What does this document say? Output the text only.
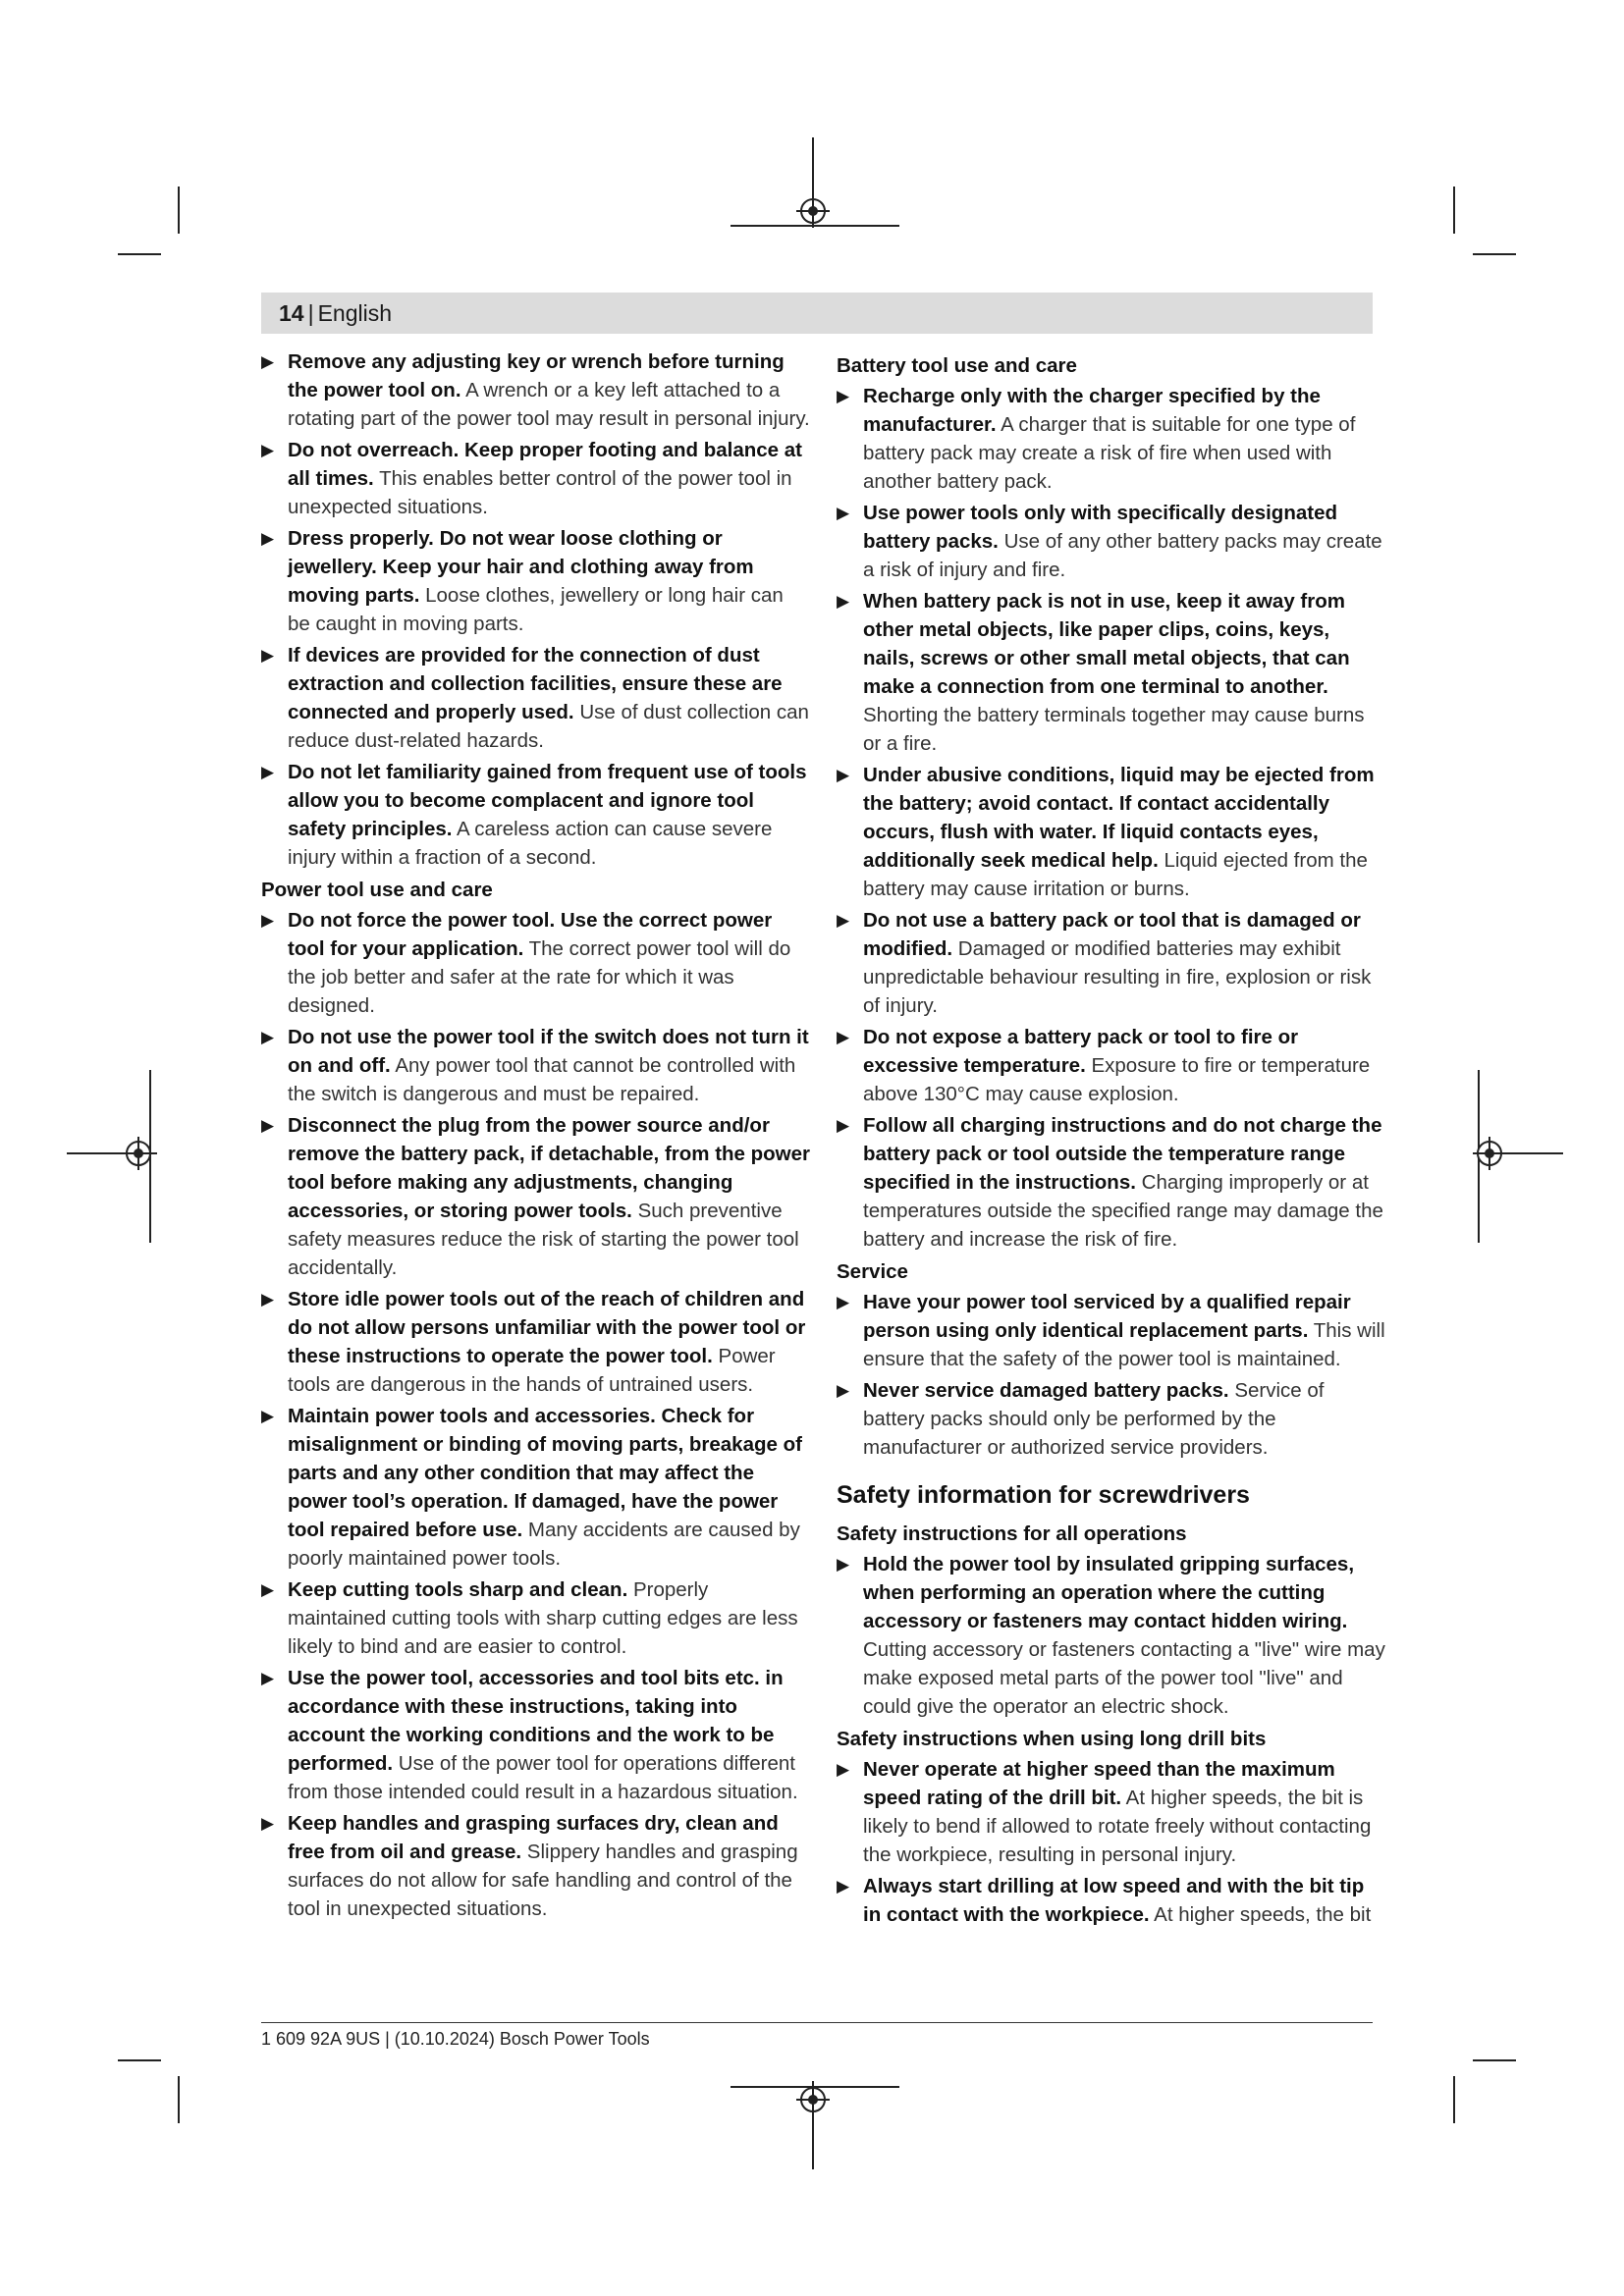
14 | English
▶ Remove any adjusting key or wrench before turning the power tool on. A wrench or a key left attached to a rotating part of the power tool may result in personal injury.
▶ Do not overreach. Keep proper footing and balance at all times. This enables better control of the power tool in unexpected situations.
▶ Dress properly. Do not wear loose clothing or jewellery. Keep your hair and clothing away from moving parts. Loose clothes, jewellery or long hair can be caught in moving parts.
▶ If devices are provided for the connection of dust extraction and collection facilities, ensure these are connected and properly used. Use of dust collection can reduce dust-related hazards.
▶ Do not let familiarity gained from frequent use of tools allow you to become complacent and ignore tool safety principles. A careless action can cause severe injury within a fraction of a second.
Power tool use and care
▶ Do not force the power tool. Use the correct power tool for your application. The correct power tool will do the job better and safer at the rate for which it was designed.
▶ Do not use the power tool if the switch does not turn it on and off. Any power tool that cannot be controlled with the switch is dangerous and must be repaired.
▶ Disconnect the plug from the power source and/or remove the battery pack, if detachable, from the power tool before making any adjustments, changing accessories, or storing power tools. Such preventive safety measures reduce the risk of starting the power tool accidentally.
▶ Store idle power tools out of the reach of children and do not allow persons unfamiliar with the power tool or these instructions to operate the power tool. Power tools are dangerous in the hands of untrained users.
▶ Maintain power tools and accessories. Check for misalignment or binding of moving parts, breakage of parts and any other condition that may affect the power tool’s operation. If damaged, have the power tool repaired before use. Many accidents are caused by poorly maintained power tools.
▶ Keep cutting tools sharp and clean. Properly maintained cutting tools with sharp cutting edges are less likely to bind and are easier to control.
▶ Use the power tool, accessories and tool bits etc. in accordance with these instructions, taking into account the working conditions and the work to be performed. Use of the power tool for operations different from those intended could result in a hazardous situation.
▶ Keep handles and grasping surfaces dry, clean and free from oil and grease. Slippery handles and grasping surfaces do not allow for safe handling and control of the tool in unexpected situations.
Battery tool use and care
▶ Recharge only with the charger specified by the manufacturer. A charger that is suitable for one type of battery pack may create a risk of fire when used with another battery pack.
▶ Use power tools only with specifically designated battery packs. Use of any other battery packs may create a risk of injury and fire.
▶ When battery pack is not in use, keep it away from other metal objects, like paper clips, coins, keys, nails, screws or other small metal objects, that can make a connection from one terminal to another. Shorting the battery terminals together may cause burns or a fire.
▶ Under abusive conditions, liquid may be ejected from the battery; avoid contact. If contact accidentally occurs, flush with water. If liquid contacts eyes, additionally seek medical help. Liquid ejected from the battery may cause irritation or burns.
▶ Do not use a battery pack or tool that is damaged or modified. Damaged or modified batteries may exhibit unpredictable behaviour resulting in fire, explosion or risk of injury.
▶ Do not expose a battery pack or tool to fire or excessive temperature. Exposure to fire or temperature above 130°C may cause explosion.
▶ Follow all charging instructions and do not charge the battery pack or tool outside the temperature range specified in the instructions. Charging improperly or at temperatures outside the specified range may damage the battery and increase the risk of fire.
Service
▶ Have your power tool serviced by a qualified repair person using only identical replacement parts. This will ensure that the safety of the power tool is maintained.
▶ Never service damaged battery packs. Service of battery packs should only be performed by the manufacturer or authorized service providers.
Safety information for screwdrivers
Safety instructions for all operations
▶ Hold the power tool by insulated gripping surfaces, when performing an operation where the cutting accessory or fasteners may contact hidden wiring. Cutting accessory or fasteners contacting a "live" wire may make exposed metal parts of the power tool "live" and could give the operator an electric shock.
Safety instructions when using long drill bits
▶ Never operate at higher speed than the maximum speed rating of the drill bit. At higher speeds, the bit is likely to bend if allowed to rotate freely without contacting the workpiece, resulting in personal injury.
▶ Always start drilling at low speed and with the bit tip in contact with the workpiece. At higher speeds, the bit
1 609 92A 9US | (10.10.2024) Bosch Power Tools
